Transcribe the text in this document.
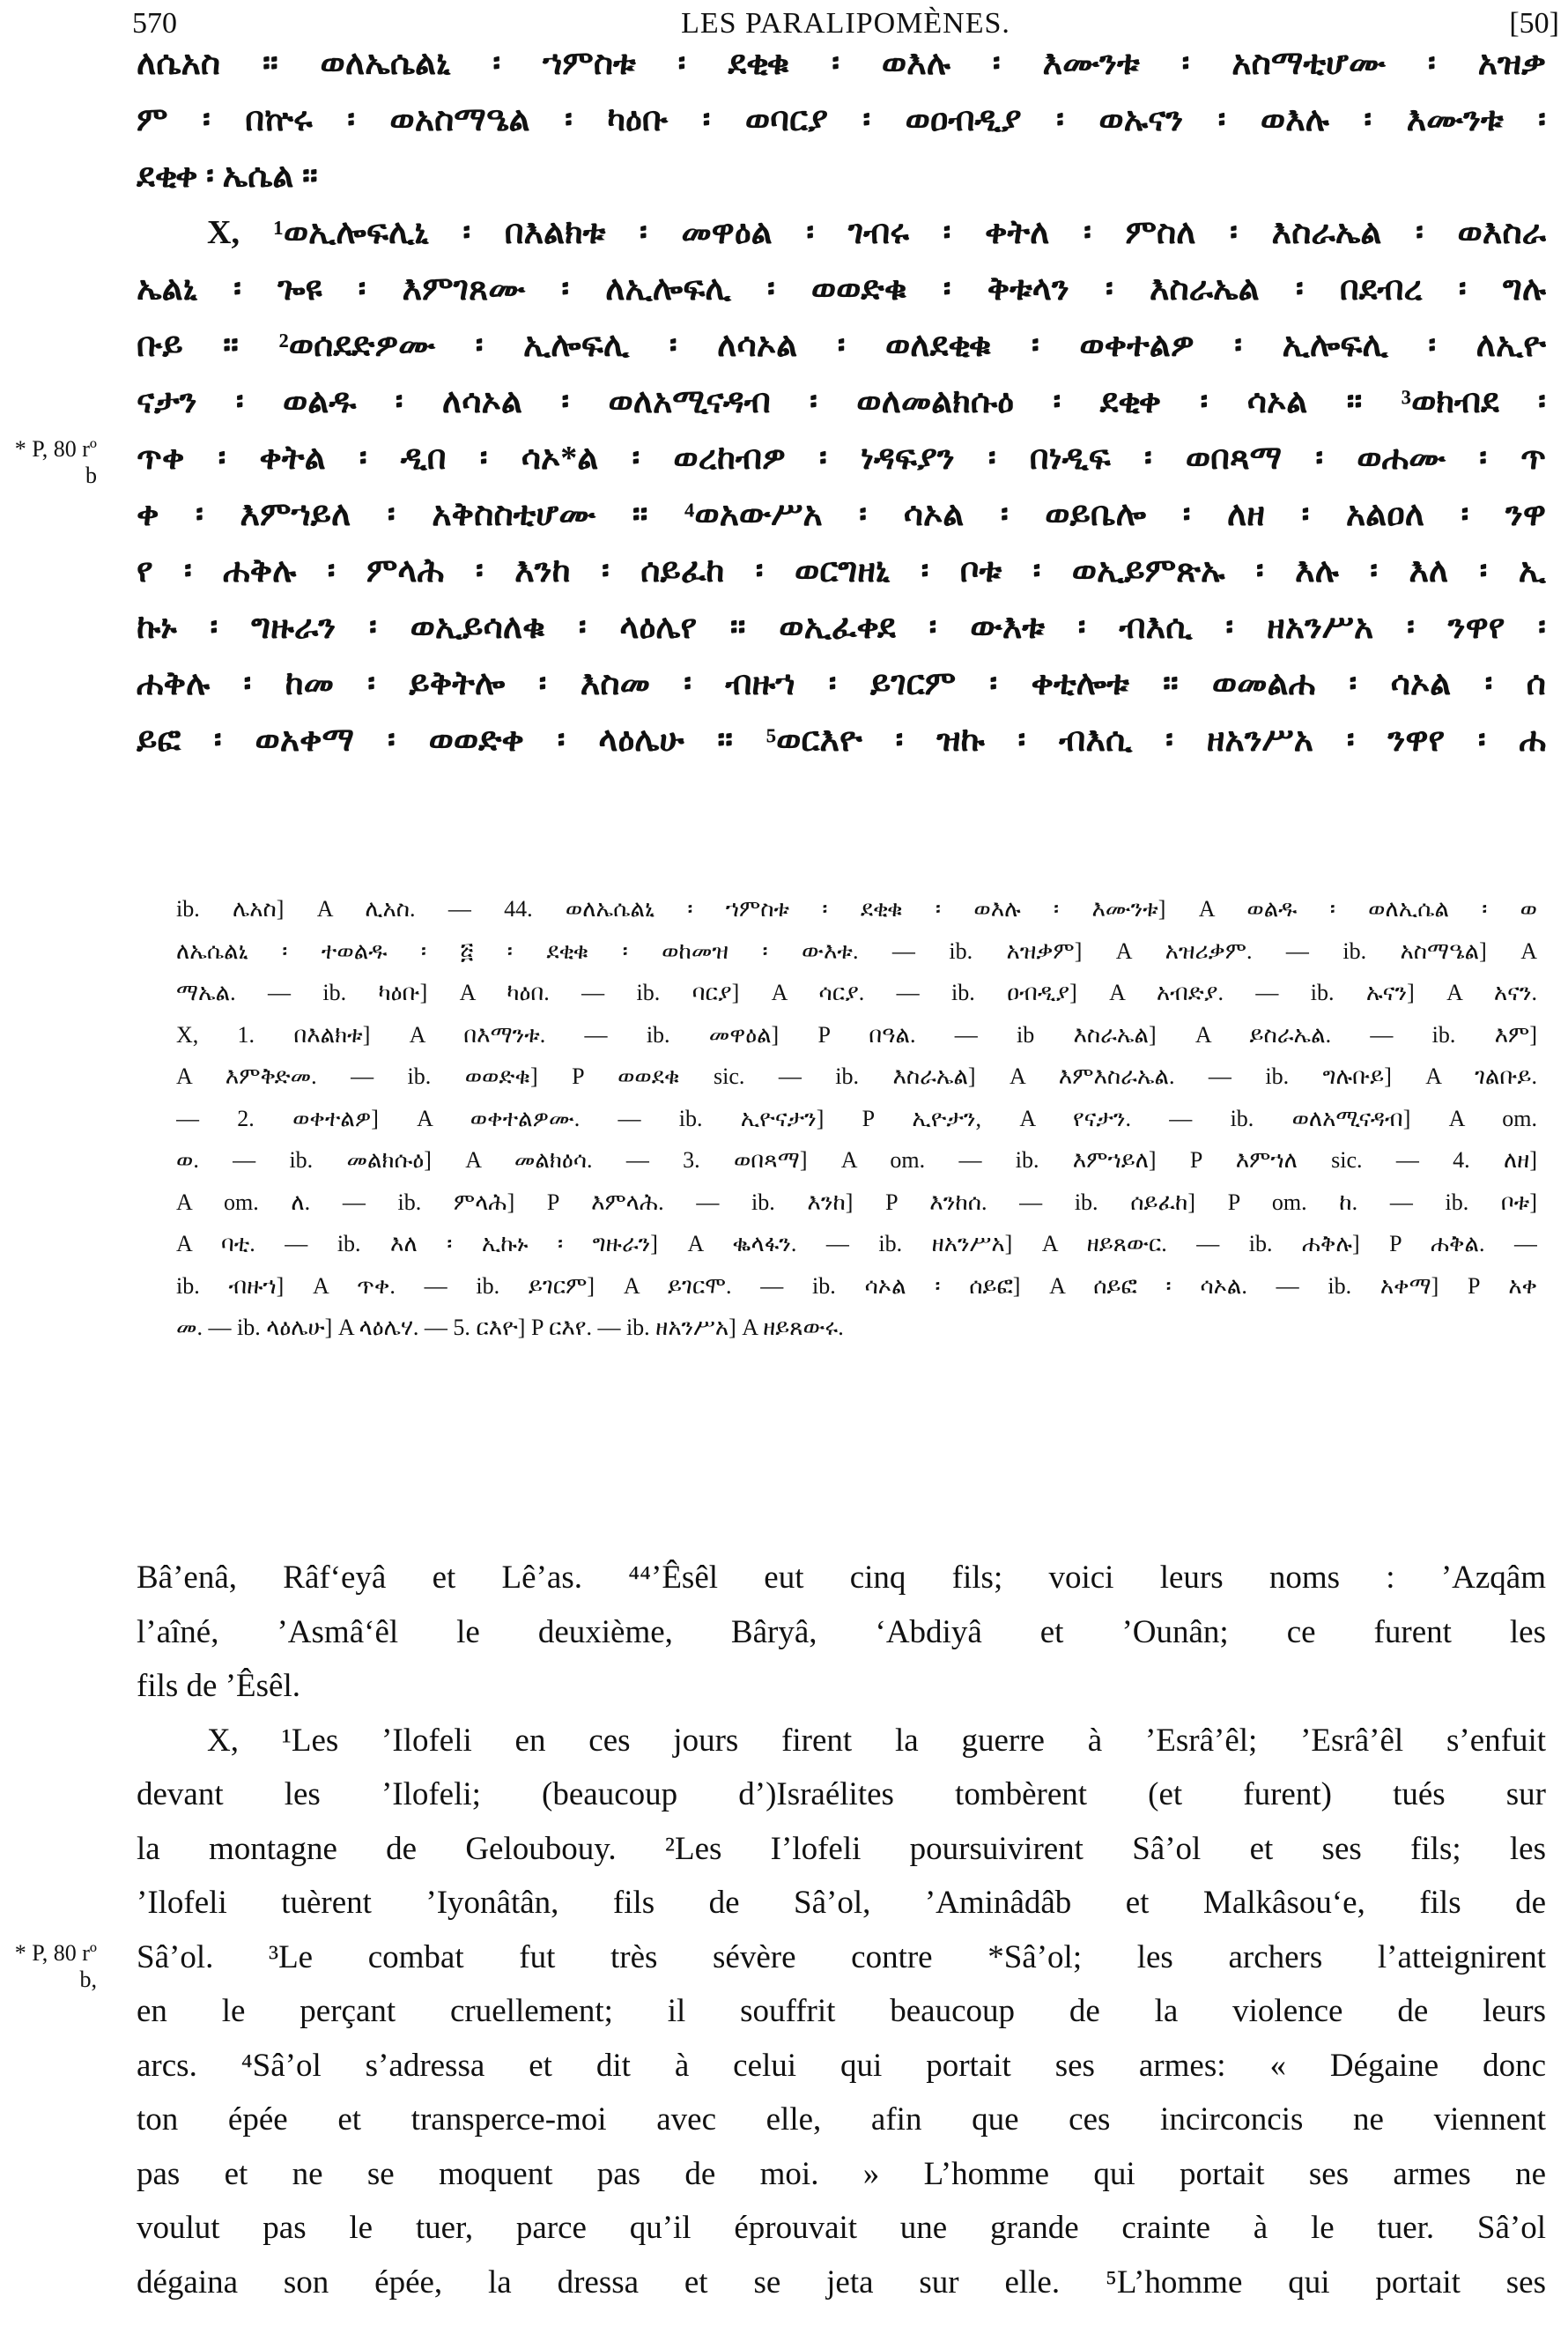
570	LES PARALIPOMÈNES.	[50]
* P, 80 rº b
ለሴአስ ። ወለኤሴልኒ ፡ ኀምስቱ ፡ ደቂቁ ፡ ወእሉ ፡ እሙንቱ ፡ አስማቲሆሙ ፡ አዝቃ
ም ፡ በኵሩ ፡ ወአስማዔል ፡ ካዕቡ ፡ ወባርያ ፡ ወዐብዲያ ፡ ወኡናን ፡ ወእሉ ፡ እሙንቱ ፡
ደቂቀ ፡ ኤሴል ።
X, ¹ወኢሎፍሊኒ ፡ በእልክቱ ፡ መዋዕል ፡ ገብሩ ፡ ቀትለ ፡ ምስለ ፡ እስራኤል ፡ ወእስራ
ኤልኒ ፡ ጐዩ ፡ እምገጸሙ ፡ ለኢሎፍሊ ፡ ወወድቁ ፡ ቅቱላን ፡ እስራኤል ፡ በደብረ ፡ ግሉ
ቡይ ። ²ወሰደድዎሙ ፡ ኢሎፍሊ ፡ ለሳኦል ፡ ወለደቂቁ ፡ ወቀተልዎ ፡ ኢሎፍሊ ፡ ለኢዮ
ናታን ፡ ወልዱ ፡ ለሳኦል ፡ ወለአሚናዳብ ፡ ወለመልክሱዕ ፡ ደቂቀ ፡ ሳኦል ። ³ወክብደ ፡
ጥቀ ፡ ቀትል ፡ ዲበ ፡ ሳኦ*ል ፡ ወረከብዎ ፡ ነዳፍያን ፡ በነዲፍ ፡ ወበጻማ ፡ ወሐሙ ፡ ጥ
ቀ ፡ እምኀይለ ፡ አቅስስቲሆሙ ። ⁴ወአውሥአ ፡ ሳኦል ፡ ወይቤሎ ፡ ለዘ ፡ አልዐለ ፡ ንዋ
የ ፡ ሐቅሉ ፡ ምላሕ ፡ እንከ ፡ ሰይፈከ ፡ ወርግዘኒ ፡ ቦቱ ፡ ወኢይምጽኡ ፡ እሉ ፡ እለ ፡ ኢ
ኩኑ ፡ ግዙራን ፡ ወኢይሳለቁ ፡ ላዕሌየ ። ወኢፈቀደ ፡ ውእቱ ፡ ብእሲ ፡ ዘአንሥአ ፡ ንዋየ ፡
ሐቅሉ ፡ ከመ ፡ ይቅትሎ ፡ እስመ ፡ ብዙኀ ፡ ይገርም ፡ ቀቲሎቱ ። ወመልሐ ፡ ሳኦል ፡ ሰ
ይፎ ፡ ወአቀማ ፡ ወወድቀ ፡ ላዕሌሁ ። ⁵ወርእዮ ፡ ዝኩ ፡ ብእሲ ፡ ዘአንሥአ ፡ ንዋየ ፡ ሐ
ib. ሌአስ] A ሊአስ. — 44. ወለኤሴልኒ ፡ ኀምስቱ ፡ ደቂቁ ፡ ወእሉ ፡ እሙንቱ] A ወልዱ ፡ ወለኢሴል ፡ ወ
ለኤሴልኒ ፡ ተወልዱ ፡ ፭ ፡ ደቂቁ ፡ ወከመዝ ፡ ውእቱ. — ib. አዝቃም] A አዝሪቃም. — ib. አስማዔል] A
ማኤል. — ib. ካዕቡ] A ካዕበ. — ib. ባርያ] A ሳርያ. — ib. ዐብዲያ] A አብድያ. — ib. ኡናን] A አናን.
X, 1. በእልክቱ] A በእማንቱ. — ib. መዋዕል] P በዓል. — ib እስራኤል] A ይስራኤል. — ib. እም]
A እምቅድመ. — ib. ወወድቁ] P ወወደቁ sic. — ib. እስራኤል] A እምእስራኤል. — ib. ግሉቡይ] A ገልቡይ.
— 2. ወቀተልዎ] A ወቀተልዎሙ. — ib. ኢዮናታን] P ኢዮታን, A የናታን. — ib. ወለአሚናዳብ] A om.
ወ. — ib. መልክሱዕ] A መልክዕሳ. — 3. ወበጻማ] A om. — ib. እምኀይለ] P እምኀለ sic. — 4. ለዘ]
A om. ለ. — ib. ምላሕ] P እምላሕ. — ib. እንከ] P እንከሰ. — ib. ሰይፈከ] P om. ከ. — ib. ቦቱ]
A ባቲ. — ib. እለ ፡ ኢኩኑ ፡ ግዙራን] A ቈላፋን. — ib. ዘአንሥአ] A ዘይጸውር. — ib. ሐቅሉ] P ሐቅል. —
ib. ብዙኀ] A ጥቀ. — ib. ይገርም] A ይገርሞ. — ib. ሳኦል ፡ ሰይፎ] A ሰይፎ ፡ ሳኦል. — ib. አቀማ] P አቀ
መ. — ib. ላዕሌሁ] A ላዕሌሃ. — 5. ርእዮ] P ርእየ. — ib. ዘአንሥአ] A ዘይጸውሩ.
* P, 80 rº b,
Bâ’enâ, Râf‘eyâ et Lê’as. ⁴⁴’Êsêl eut cinq fils; voici leurs noms : ’Azqâm
l’aîné, ’Asmâ‘êl le deuxième, Bâryâ, ‘Abdiyâ et ’Ounân; ce furent les
fils de ’Êsêl.
X, ¹Les ’Ilofeli en ces jours firent la guerre à ’Esrâ’êl; ’Esrâ’êl s’enfuit
devant les ’Ilofeli; (beaucoup d’)Israélites tombèrent (et furent) tués sur
la montagne de Geloubouy. ²Les I’lofeli poursuivirent Sâ’ol et ses fils; les
’Ilofeli tuèrent ’Iyonâtân, fils de Sâ’ol, ’Aminâdâb et Malkâsou‘e, fils de
Sâ’ol. ³Le combat fut très sévère contre *Sâ’ol; les archers l’atteignirent
en le perçant cruellement; il souffrit beaucoup de la violence de leurs
arcs. ⁴Sâ’ol s’adressa et dit à celui qui portait ses armes: « Dégaine donc
ton épée et transperce-moi avec elle, afin que ces incirconcis ne viennent
pas et ne se moquent pas de moi. » L’homme qui portait ses armes ne
voulut pas le tuer, parce qu’il éprouvait une grande crainte à le tuer. Sâ’ol
dégaina son épée, la dressa et se jeta sur elle. ⁵L’homme qui portait ses
